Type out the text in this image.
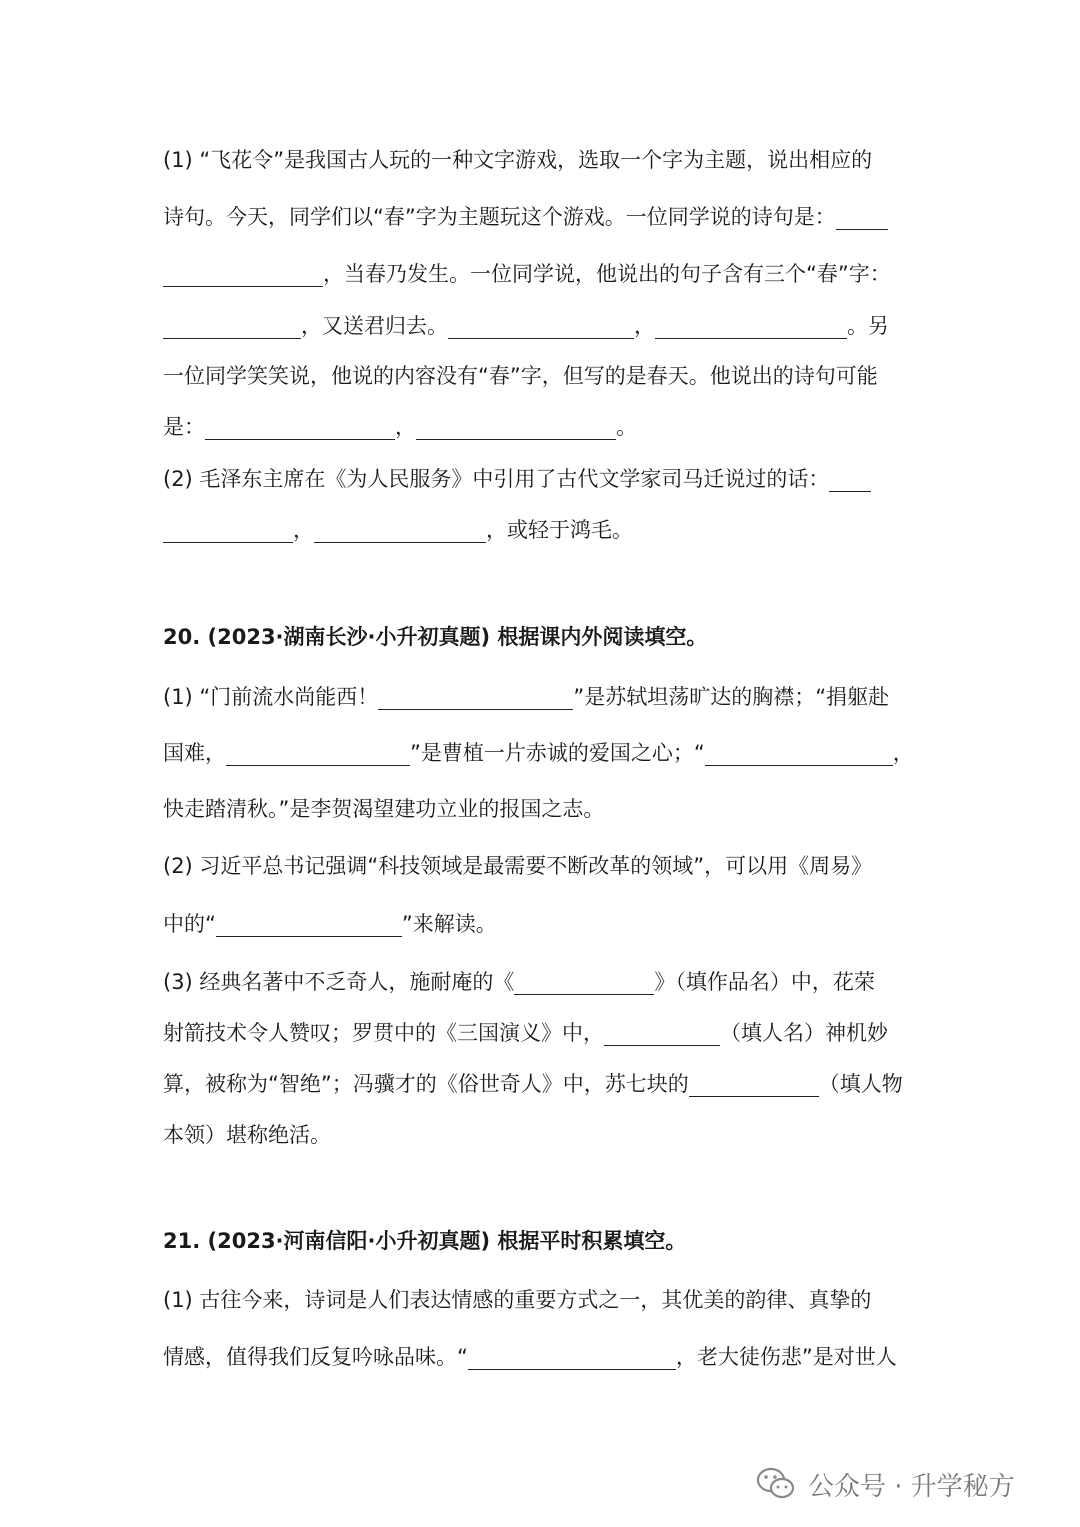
(1) “飞花令”是我国古人玩的一种文字游戏，选取一个字为主题，说出相应的
诗句。今天，同学们以“春”字为主题玩这个游戏。一位同学说的诗句是：
，当春乃发生。一位同学说，他说出的句子含有三个“春”字：
，又送君归去。	，	。另
一位同学笑笑说，他说的内容没有“春”字，但写的是春天。他说出的诗句可能
是：	，	。
(2) 毛泽东主席在《为人民服务》中引用了古代文学家司马迁说过的话：
，	，或轻于鸿毛。
20. (2023·湖南长沙·小升初真题) 根据课内外阅读填空。
(1) “门前流水尚能西！	”是苏轼坦荡旷达的胸襟；“捐躯赴
国难，	”是曹植一片赤诚的爱国之心；“	，
快走踏清秋。”是李贺渴望建功立业的报国之志。
(2) 习近平总书记强调“科技领域是最需要不断改革的领域”，可以用《周易》
中的“	”来解读。
(3) 经典名著中不乏奇人，施耐庵的《	》（填作品名）中，花荣
射箭技术令人赞叹；罗贯中的《三国演义》中，	（填人名）神机妙
算，被称为“智绝”；冯骥才的《俗世奇人》中，苏七块的	（填人物
本领）堪称绝活。
21. (2023·河南信阳·小升初真题) 根据平时积累填空。
(1) 古往今来，诗词是人们表达情感的重要方式之一，其优美的韵律、真挚的
情感，值得我们反复吟咏品味。“	，老大徒伤悲”是对世人
公众号 · 升学秘方
